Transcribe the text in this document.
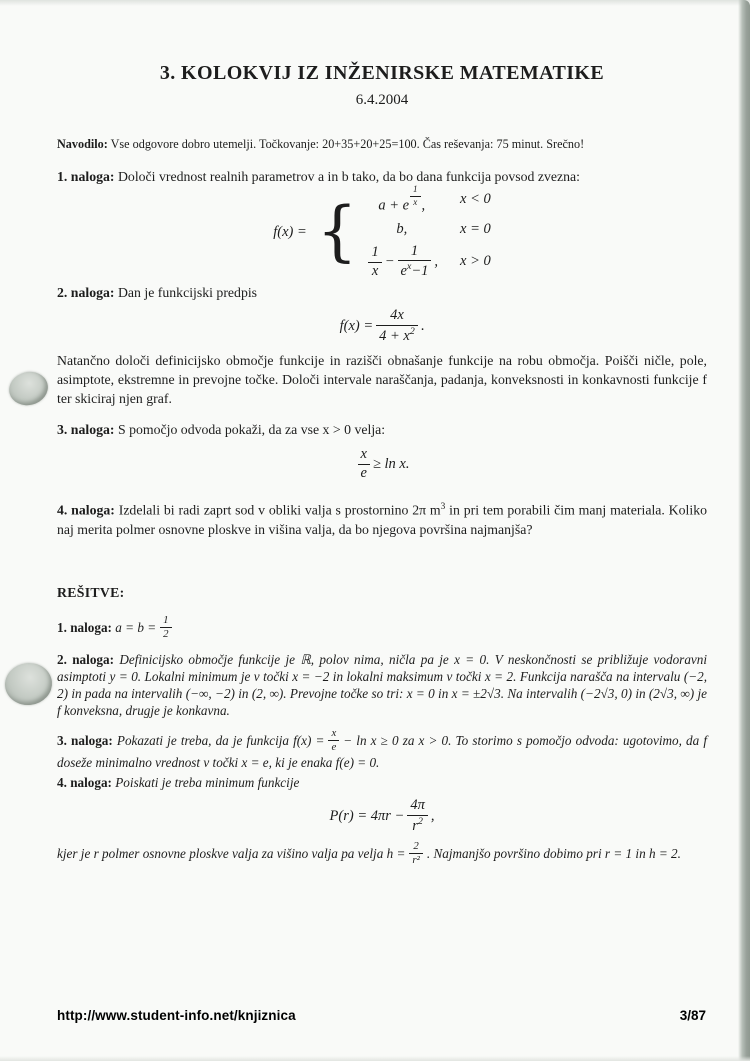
3. KOLOKVIJ IZ INŽENIRSKE MATEMATIKE
6.4.2004
Navodilo: Vse odgovore dobro utemelji. Točkovanje: 20+35+20+25=100. Čas reševanja: 75 minut. Srečno!
1. naloga: Določi vrednost realnih parametrov a in b tako, da bo dana funkcija povsod zvezna:
f(x) = { a + e $\frac{1}{x}$ , x < 0
b,	x = 0
$\frac{1}{x} - \frac{1}{e^x-1}$ , x > 0
2. naloga: Dan je funkcijski predpis
$f(x) = \frac{4x}{4 + x^2}$ .
Natančno določi definicijsko območje funkcije in razišči obnašanje funkcije na robu območja. Poišči ničle, pole, asimptote, ekstremne in prevojne točke. Določi intervale naraščanja, padanja, konveksnosti in konkavnosti funkcije f ter skiciraj njen graf.
3. naloga: S pomočjo odvoda pokaži, da za vse x > 0 velja:
$\frac{x}{e} \ge \ln x$.
4. naloga: Izdelali bi radi zaprt sod v obliki valja s prostornino 2π $m^3$ in pri tem porabili čim manj materiala. Koliko naj merita polmer osnovne ploskve in višina valja, da bo njegova površina najmanjša?
REŠITVE:
1. naloga: $a = b = \frac{1}{2}$
2. naloga: Definicijsko območje funkcije je ℝ, polov nima, ničla pa je x = 0. V neskončnosti se približuje vodoravni asimptoti y = 0. Lokalni minimum je v točki x = −2 in lokalni maksimum v točki x = 2. Funkcija narašča na intervalu (−2, 2) in pada na intervalih (−∞, −2) in (2, ∞). Prevojne točke so tri: x = 0 in x = ±2√3. Na intervalih (−2√3, 0) in (2√3, ∞) je f konveksna, drugje je konkavna.
3. naloga: Pokazati je treba, da je funkcija $f(x) = \frac{x}{e} - \ln x \ge 0$ za x > 0. To storimo s pomočjo odvoda: ugotovimo, da f doseže minimalno vrednost v točki x = e, ki je enaka f(e) = 0.
4. naloga: Poiskati je treba minimum funkcije
$P(r) = 4\pi r - \frac{4\pi}{r^2}$ ,
kjer je r polmer osnovne ploskve valja za višino valja pa velja $h = \frac{2}{\text{r²}}$ . Najmanjšo površino dobimo pri r = 1 in h = 2.
http://www.student-info.net/knjiznica	3/87
